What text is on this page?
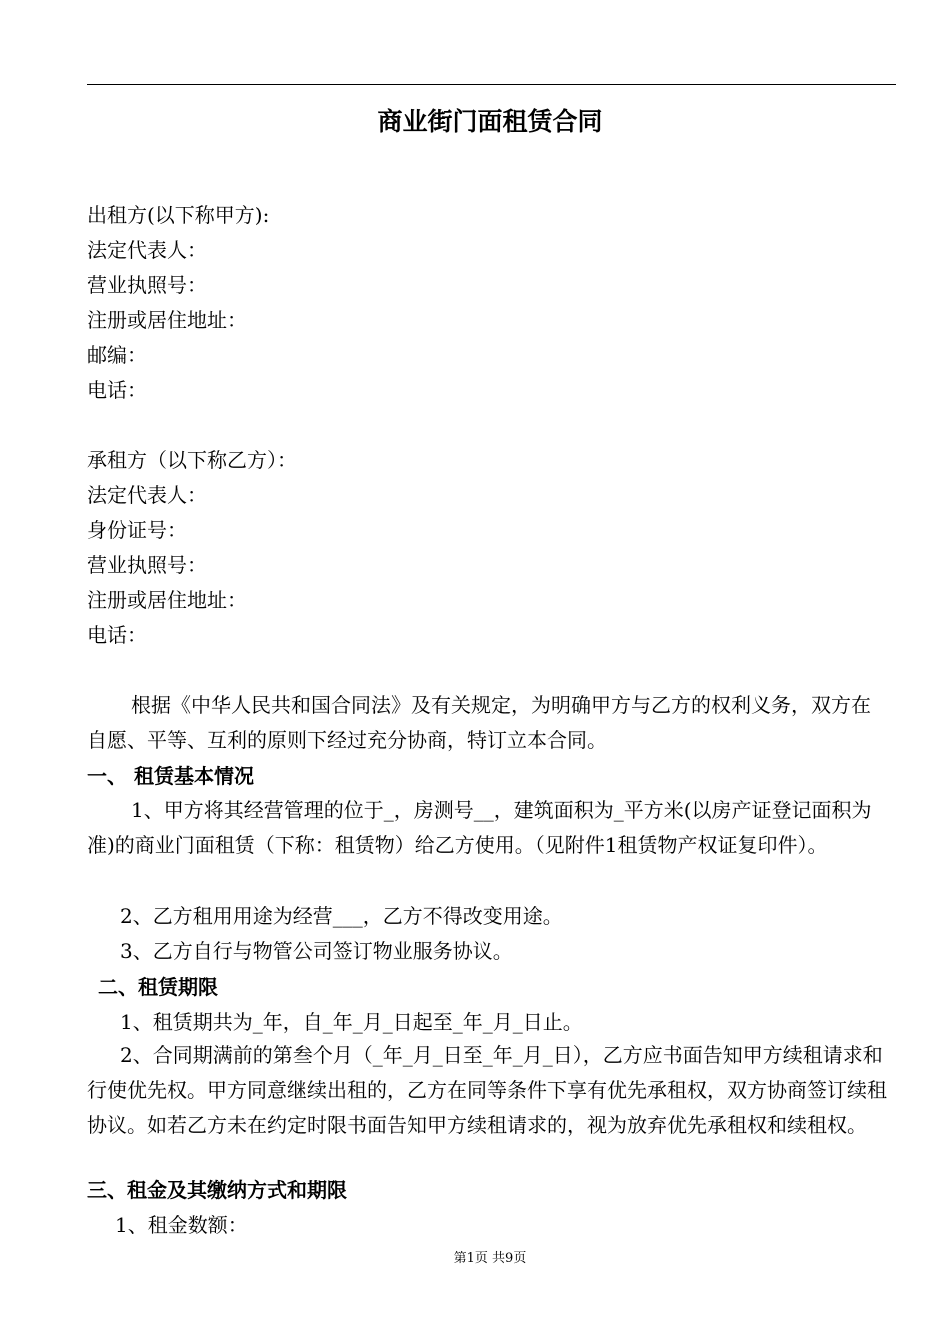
商业街门面租赁合同
出租方(以下称甲方):
法定代表人：
营业执照号：
注册或居住地址：
邮编：
电话：
承租方（以下称乙方）：
法定代表人：
身份证号：
营业执照号：
注册或居住地址：
电话：
根据《中华人民共和国合同法》及有关规定，为明确甲方与乙方的权利义务，双方在自愿、平等、互利的原则下经过充分协商，特订立本合同。
一、 租赁基本情况
1、甲方将其经营管理的位于_，房测号__，建筑面积为_平方米(以房产证登记面积为准)的商业门面租赁（下称：租赁物）给乙方使用。（见附件1租赁物产权证复印件）。
2、乙方租用用途为经营___，乙方不得改变用途。
3、乙方自行与物管公司签订物业服务协议。
二、租赁期限
1、租赁期共为_年，自_年_月_日起至_年_月_日止。
2、合同期满前的第叁个月（_年_月_日至_年_月_日），乙方应书面告知甲方续租请求和行使优先权。甲方同意继续出租的，乙方在同等条件下享有优先承租权，双方协商签订续租协议。如若乙方未在约定时限书面告知甲方续租请求的，视为放弃优先承租权和续租权。
三、租金及其缴纳方式和期限
1、租金数额：
第1页 共9页
